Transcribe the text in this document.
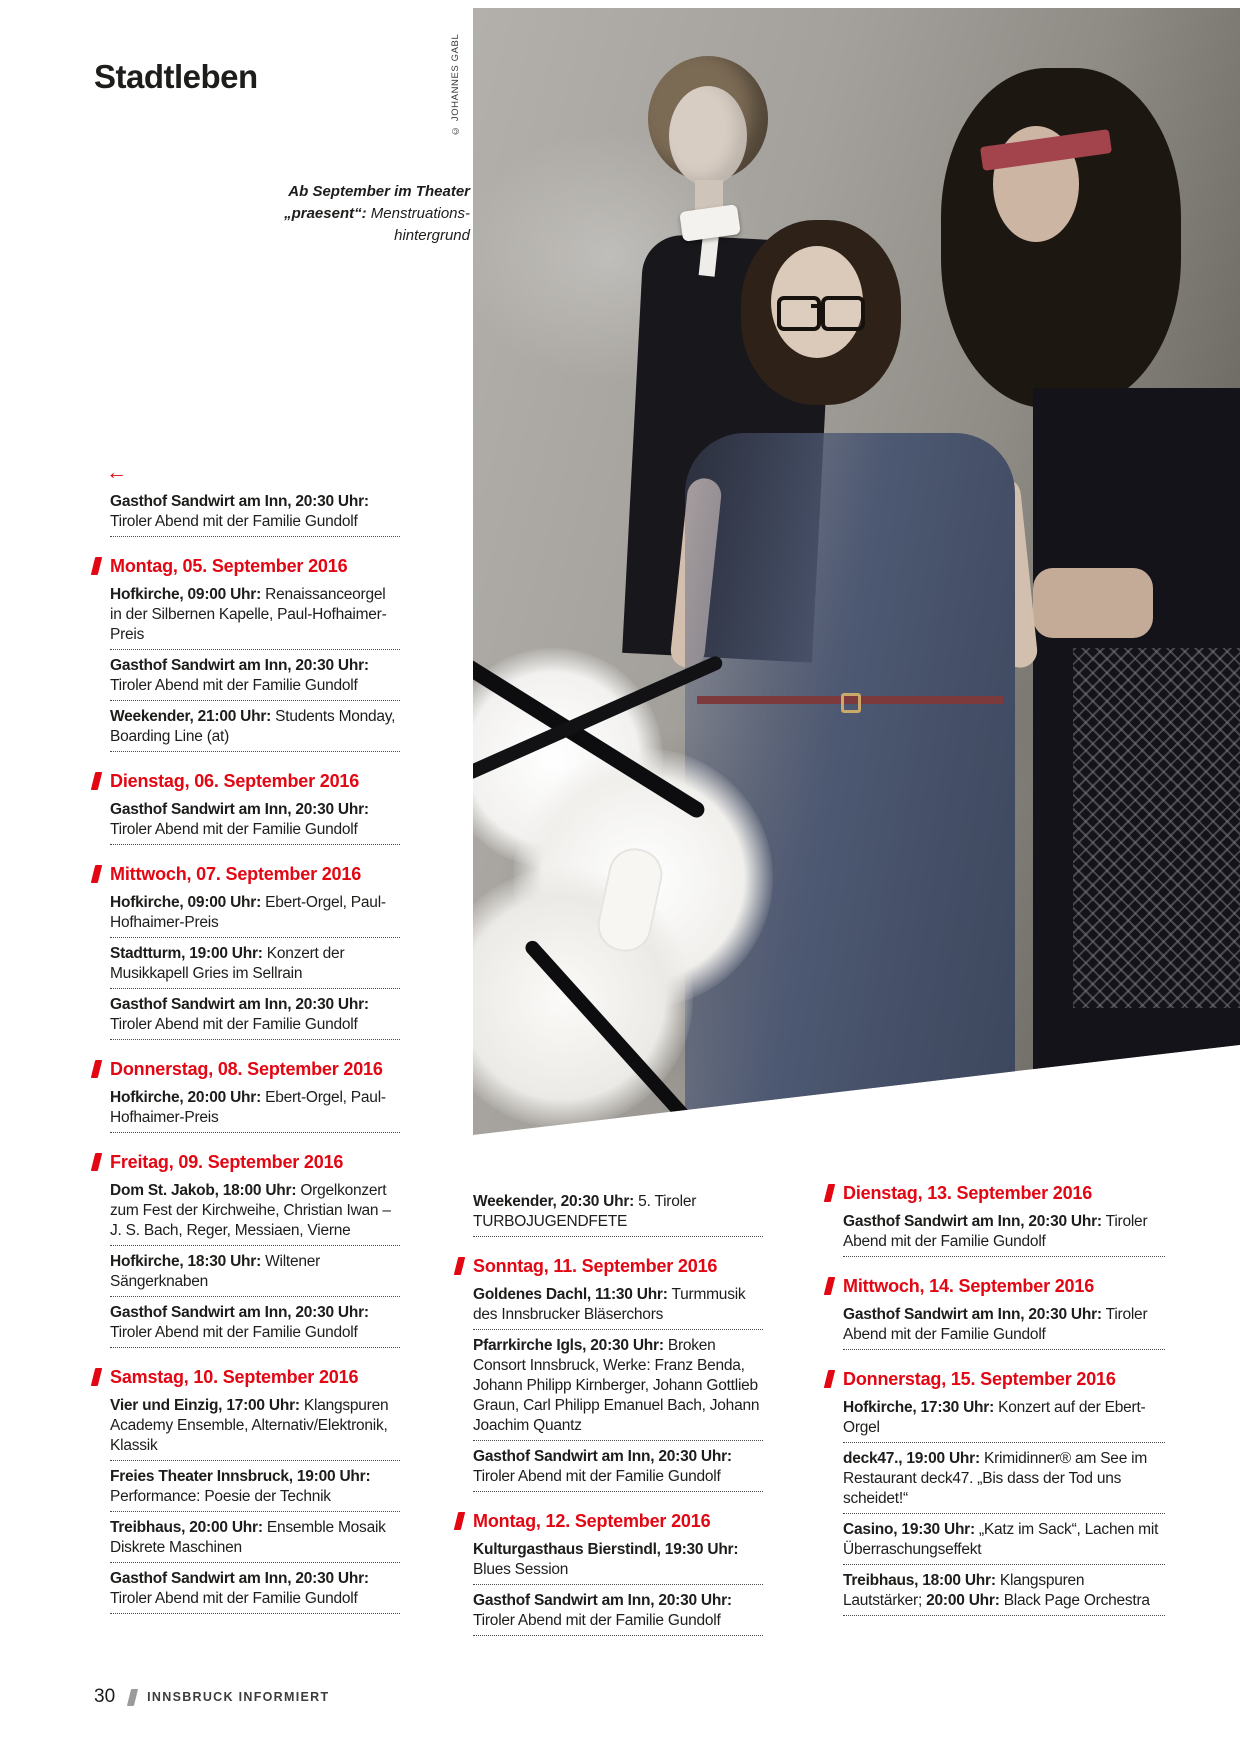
Stadtleben	© JOHANNES GABL
Ab September im Theater
„praesent“: Menstruations-
hintergrund
←
Gasthof Sandwirt am Inn, 20:30 Uhr: Tiroler Abend mit der Familie Gundolf
Montag, 05. September 2016
Hofkirche, 09:00 Uhr: Renaissanceorgel in der Silbernen Kapelle, Paul-Hofhaimer-Preis
Gasthof Sandwirt am Inn, 20:30 Uhr: Tiroler Abend mit der Familie Gundolf
Weekender, 21:00 Uhr: Students Monday, Boarding Line (at)
Dienstag, 06. September 2016
Gasthof Sandwirt am Inn, 20:30 Uhr: Tiroler Abend mit der Familie Gundolf
Mittwoch, 07. September 2016
Hofkirche, 09:00 Uhr: Ebert-Orgel, Paul-Hofhaimer-Preis
Stadtturm, 19:00 Uhr: Konzert der Musikkapell Gries im Sellrain
Gasthof Sandwirt am Inn, 20:30 Uhr: Tiroler Abend mit der Familie Gundolf
Donnerstag, 08. September 2016
Hofkirche, 20:00 Uhr: Ebert-Orgel, Paul-Hofhaimer-Preis
Freitag, 09. September 2016
Dom St. Jakob, 18:00 Uhr: Orgelkonzert zum Fest der Kirchweihe, Christian Iwan – J. S. Bach, Reger, Messiaen, Vierne
Hofkirche, 18:30 Uhr: Wiltener Sängerknaben
Gasthof Sandwirt am Inn, 20:30 Uhr: Tiroler Abend mit der Familie Gundolf
Samstag, 10. September 2016
Vier und Einzig, 17:00 Uhr: Klangspuren Academy Ensemble, Alternativ/Elektronik, Klassik
Freies Theater Innsbruck, 19:00 Uhr: Performance: Poesie der Technik
Treibhaus, 20:00 Uhr: Ensemble Mosaik Diskrete Maschinen
Gasthof Sandwirt am Inn, 20:30 Uhr: Tiroler Abend mit der Familie Gundolf
Weekender, 20:30 Uhr: 5. Tiroler TURBOJUGENDFETE
Sonntag, 11. September 2016
Goldenes Dachl, 11:30 Uhr: Turmmusik des Innsbrucker Bläserchors
Pfarrkirche Igls, 20:30 Uhr: Broken Consort Innsbruck, Werke: Franz Benda, Johann Philipp Kirnberger, Johann Gottlieb Graun, Carl Philipp Emanuel Bach, Johann Joachim Quantz
Gasthof Sandwirt am Inn, 20:30 Uhr: Tiroler Abend mit der Familie Gundolf
Montag, 12. September 2016
Kulturgasthaus Bierstindl, 19:30 Uhr: Blues Session
Gasthof Sandwirt am Inn, 20:30 Uhr: Tiroler Abend mit der Familie Gundolf
Dienstag, 13. September 2016
Gasthof Sandwirt am Inn, 20:30 Uhr: Tiroler Abend mit der Familie Gundolf
Mittwoch, 14. September 2016
Gasthof Sandwirt am Inn, 20:30 Uhr: Tiroler Abend mit der Familie Gundolf
Donnerstag, 15. September 2016
Hofkirche, 17:30 Uhr: Konzert auf der Ebert-Orgel
deck47., 19:00 Uhr: Krimidinner® am See im Restaurant deck47. „Bis dass der Tod uns scheidet!“
Casino, 19:30 Uhr: „Katz im Sack“, Lachen mit Überraschungseffekt
Treibhaus, 18:00 Uhr: Klangspuren Lautstärker; 20:00 Uhr: Black Page Orchestra
30	INNSBRUCK INFORMIERT
